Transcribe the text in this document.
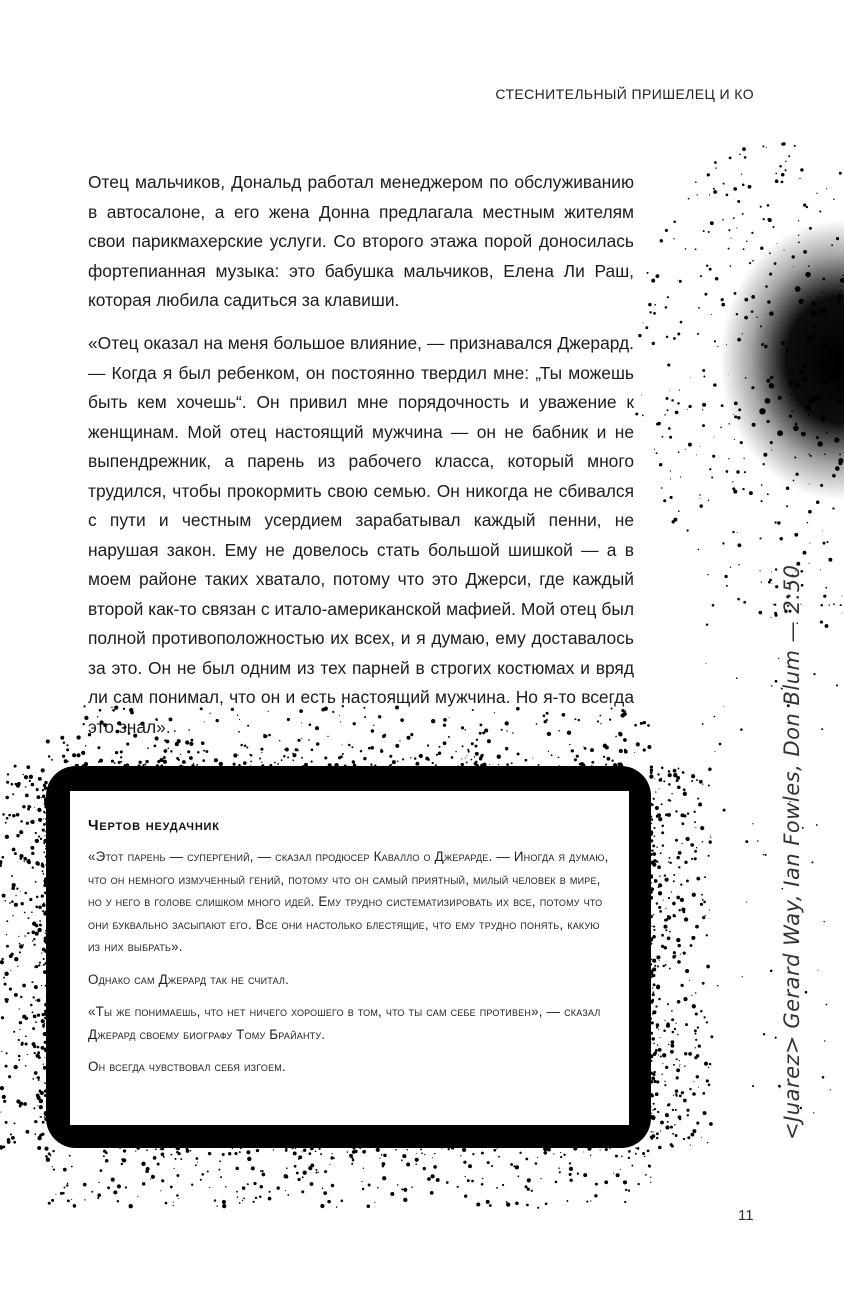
СТЕСНИТЕЛЬНЫЙ ПРИШЕЛЕЦ И КО

Отец мальчиков, Дональд работал менеджером по обслуживанию в автосалоне, а его жена Донна предлагала местным жителям свои парикмахерские услуги. Со второго этажа порой доносилась фортепианная музыка: это бабушка мальчиков, Елена Ли Раш, которая любила садиться за клавиши.

«Отец оказал на меня большое влияние, — признавался Джерард. — Когда я был ребенком, он постоянно твердил мне: „Ты можешь быть кем хочешь“. Он привил мне порядочность и уважение к женщинам. Мой отец настоящий мужчина — он не бабник и не выпендрежник, а парень из рабочего класса, который много трудился, чтобы прокормить свою семью. Он никогда не сбивался с пути и честным усердием зарабатывал каждый пенни, не нарушая закон. Ему не довелось стать большой шишкой — а в моем районе таких хватало, потому что это Джерси, где каждый второй как-то связан с итало-американской мафией. Мой отец был полной противоположностью их всех, и я думаю, ему доставалось за это. Он не был одним из тех парней в строгих костюмах и вряд ли сам понимал, что он и есть настоящий мужчина. Но я-то всегда это знал».

Чертов неудачник

«Этот парень — супергений, — сказал продюсер Кавалло о Джерарде. — Иногда я думаю, что он немного измученный гений, потому что он самый приятный, милый человек в мире, но у него в голове слишком много идей. Ему трудно систематизировать их все, потому что они буквально засыпают его. Все они настолько блестящие, что ему трудно понять, какую из них выбрать».

Однако сам Джерард так не считал.

«Ты же понимаешь, что нет ничего хорошего в том, что ты сам себе противен», — сказал Джерард своему биографу Тому Брайанту.

Он всегда чувствовал себя изгоем.	<Juarez> Gerard Way, Ian Fowles, Don Blum — 2:50
11
